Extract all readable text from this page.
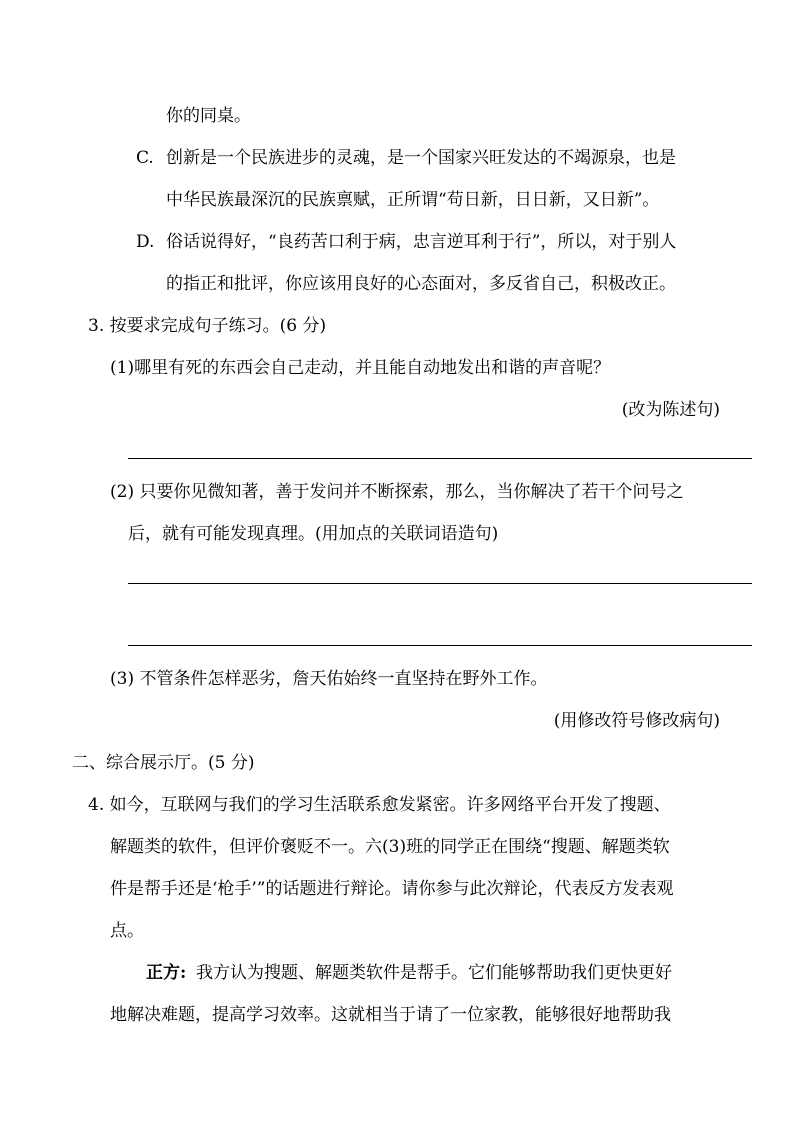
你的同桌。
C. 创新是一个民族进步的灵魂，是一个国家兴旺发达的不竭源泉，也是
中华民族最深沉的民族禀赋，正所谓“苟日新，日日新，又日新”。
D. 俗话说得好，“良药苦口利于病，忠言逆耳利于行”，所以，对于别人
的指正和批评，你应该用良好的心态面对，多反省自己，积极改正。
3. 按要求完成句子练习。(6 分)
(1)哪里有死的东西会自己走动，并且能自动地发出和谐的声音呢？
(改为陈述句)
(2) 只要你见微知著，善于发问并不断探索，那么，当你解决了若干个问号之
后，就有可能发现真理。(用加点的关联词语造句)
(3) 不管条件怎样恶劣，詹天佑始终一直坚持在野外工作。
(用修改符号修改病句)
二、综合展示厅。(5 分)
4. 如今，互联网与我们的学习生活联系愈发紧密。许多网络平台开发了搜题、
解题类的软件，但评价褒贬不一。六(3)班的同学正在围绕“搜题、解题类软
件是帮手还是‘枪手’”的话题进行辩论。请你参与此次辩论，代表反方发表观
点。
正方: 我方认为搜题、解题类软件是帮手。它们能够帮助我们更快更好
地解决难题，提高学习效率。这就相当于请了一位家教，能够很好地帮助我
